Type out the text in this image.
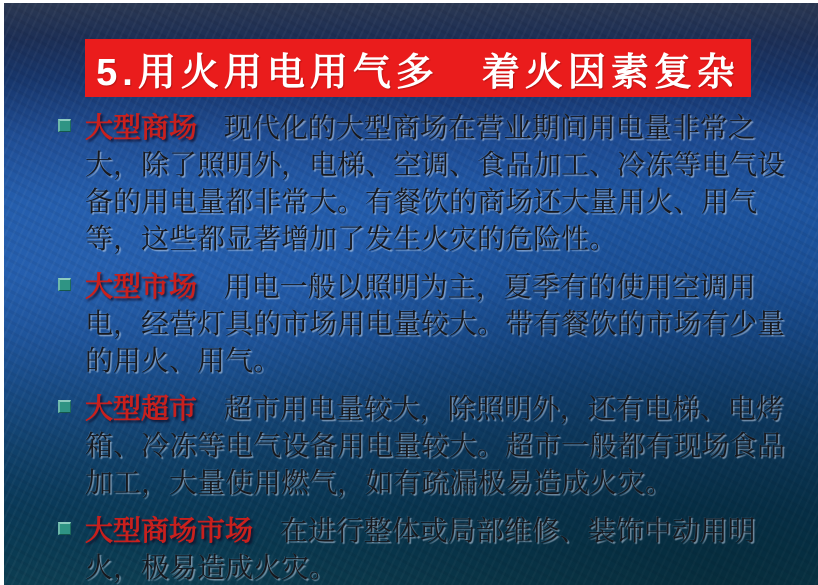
5.用火用电用气多　着火因素复杂
大型商场 现代化的大型商场在营业期间用电量非常之大，除了照明外，电梯、空调、食品加工、冷冻等电气设备的用电量都非常大。有餐饮的商场还大量用火、用气等，这些都显著增加了发生火灾的危险性。
大型市场 用电一般以照明为主，夏季有的使用空调用电，经营灯具的市场用电量较大。带有餐饮的市场有少量的用火、用气。
大型超市 超市用电量较大，除照明外，还有电梯、电烤箱、冷冻等电气设备用电量较大。超市一般都有现场食品加工，大量使用燃气，如有疏漏极易造成火灾。
大型商场市场 在进行整体或局部维修、装饰中动用明火，极易造成火灾。
